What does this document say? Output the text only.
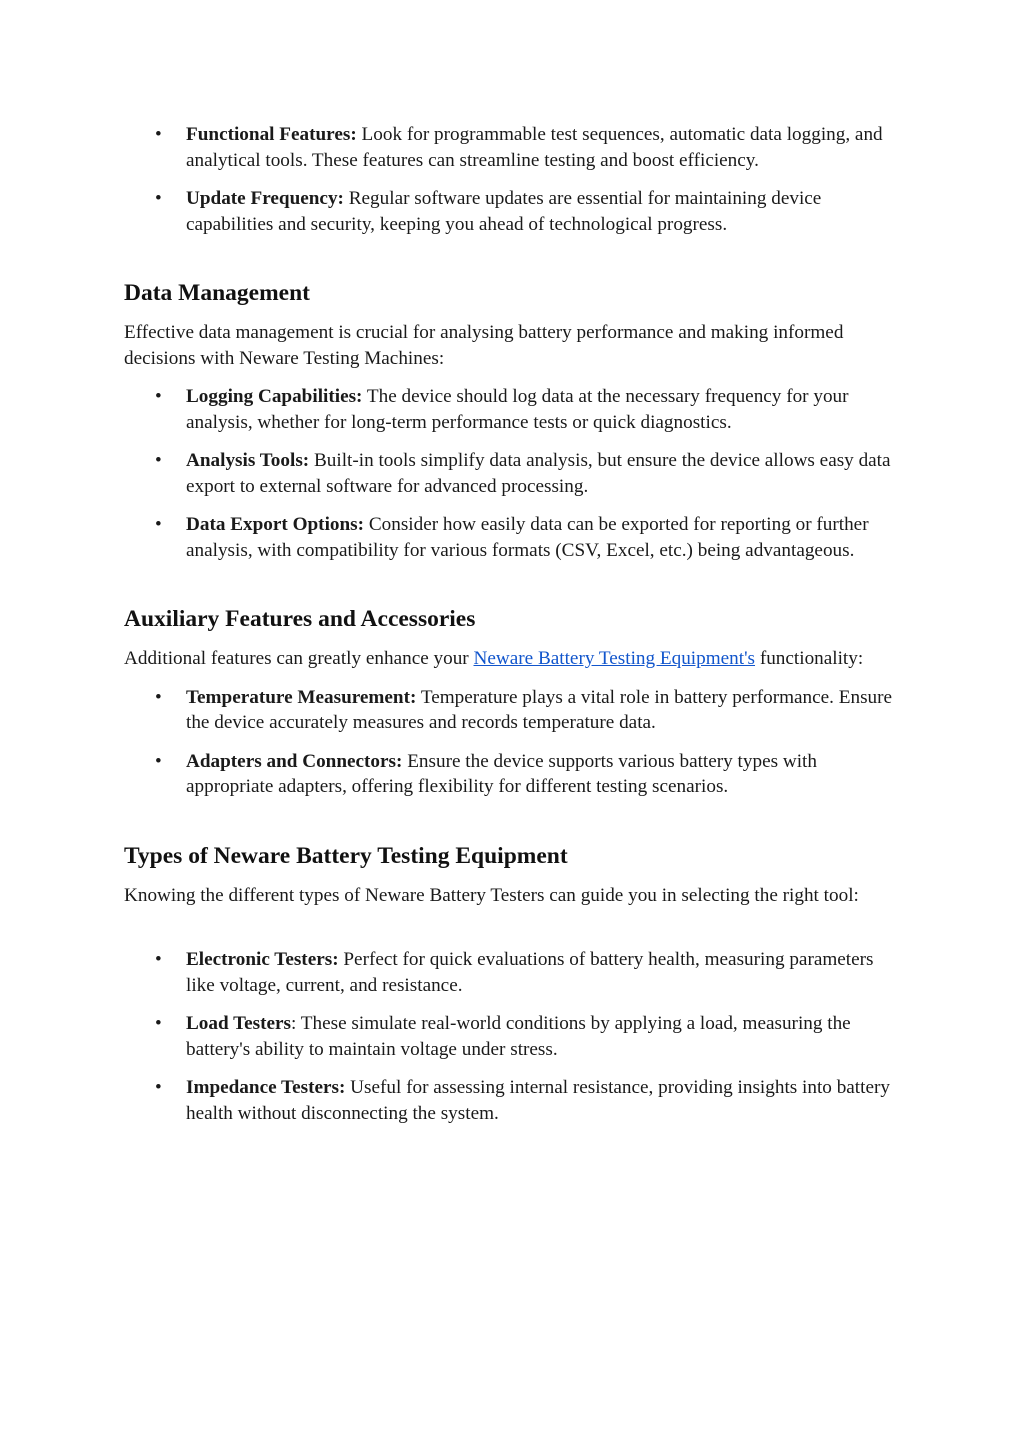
• Functional Features: Look for programmable test sequences, automatic data logging, and analytical tools. These features can streamline testing and boost efficiency.
• Update Frequency: Regular software updates are essential for maintaining device capabilities and security, keeping you ahead of technological progress.
Data Management

Effective data management is crucial for analysing battery performance and making informed decisions with Neware Testing Machines:

• Logging Capabilities: The device should log data at the necessary frequency for your analysis, whether for long-term performance tests or quick diagnostics.
• Analysis Tools: Built-in tools simplify data analysis, but ensure the device allows easy data export to external software for advanced processing.
• Data Export Options: Consider how easily data can be exported for reporting or further analysis, with compatibility for various formats (CSV, Excel, etc.) being advantageous.
Auxiliary Features and Accessories

Additional features can greatly enhance your Neware Battery Testing Equipment's functionality:

• Temperature Measurement: Temperature plays a vital role in battery performance. Ensure the device accurately measures and records temperature data.
• Adapters and Connectors: Ensure the device supports various battery types with appropriate adapters, offering flexibility for different testing scenarios.
Types of Neware Battery Testing Equipment

Knowing the different types of Neware Battery Testers can guide you in selecting the right tool:

• Electronic Testers: Perfect for quick evaluations of battery health, measuring parameters like voltage, current, and resistance.
• Load Testers: These simulate real-world conditions by applying a load, measuring the battery's ability to maintain voltage under stress.
• Impedance Testers: Useful for assessing internal resistance, providing insights into battery health without disconnecting the system.
